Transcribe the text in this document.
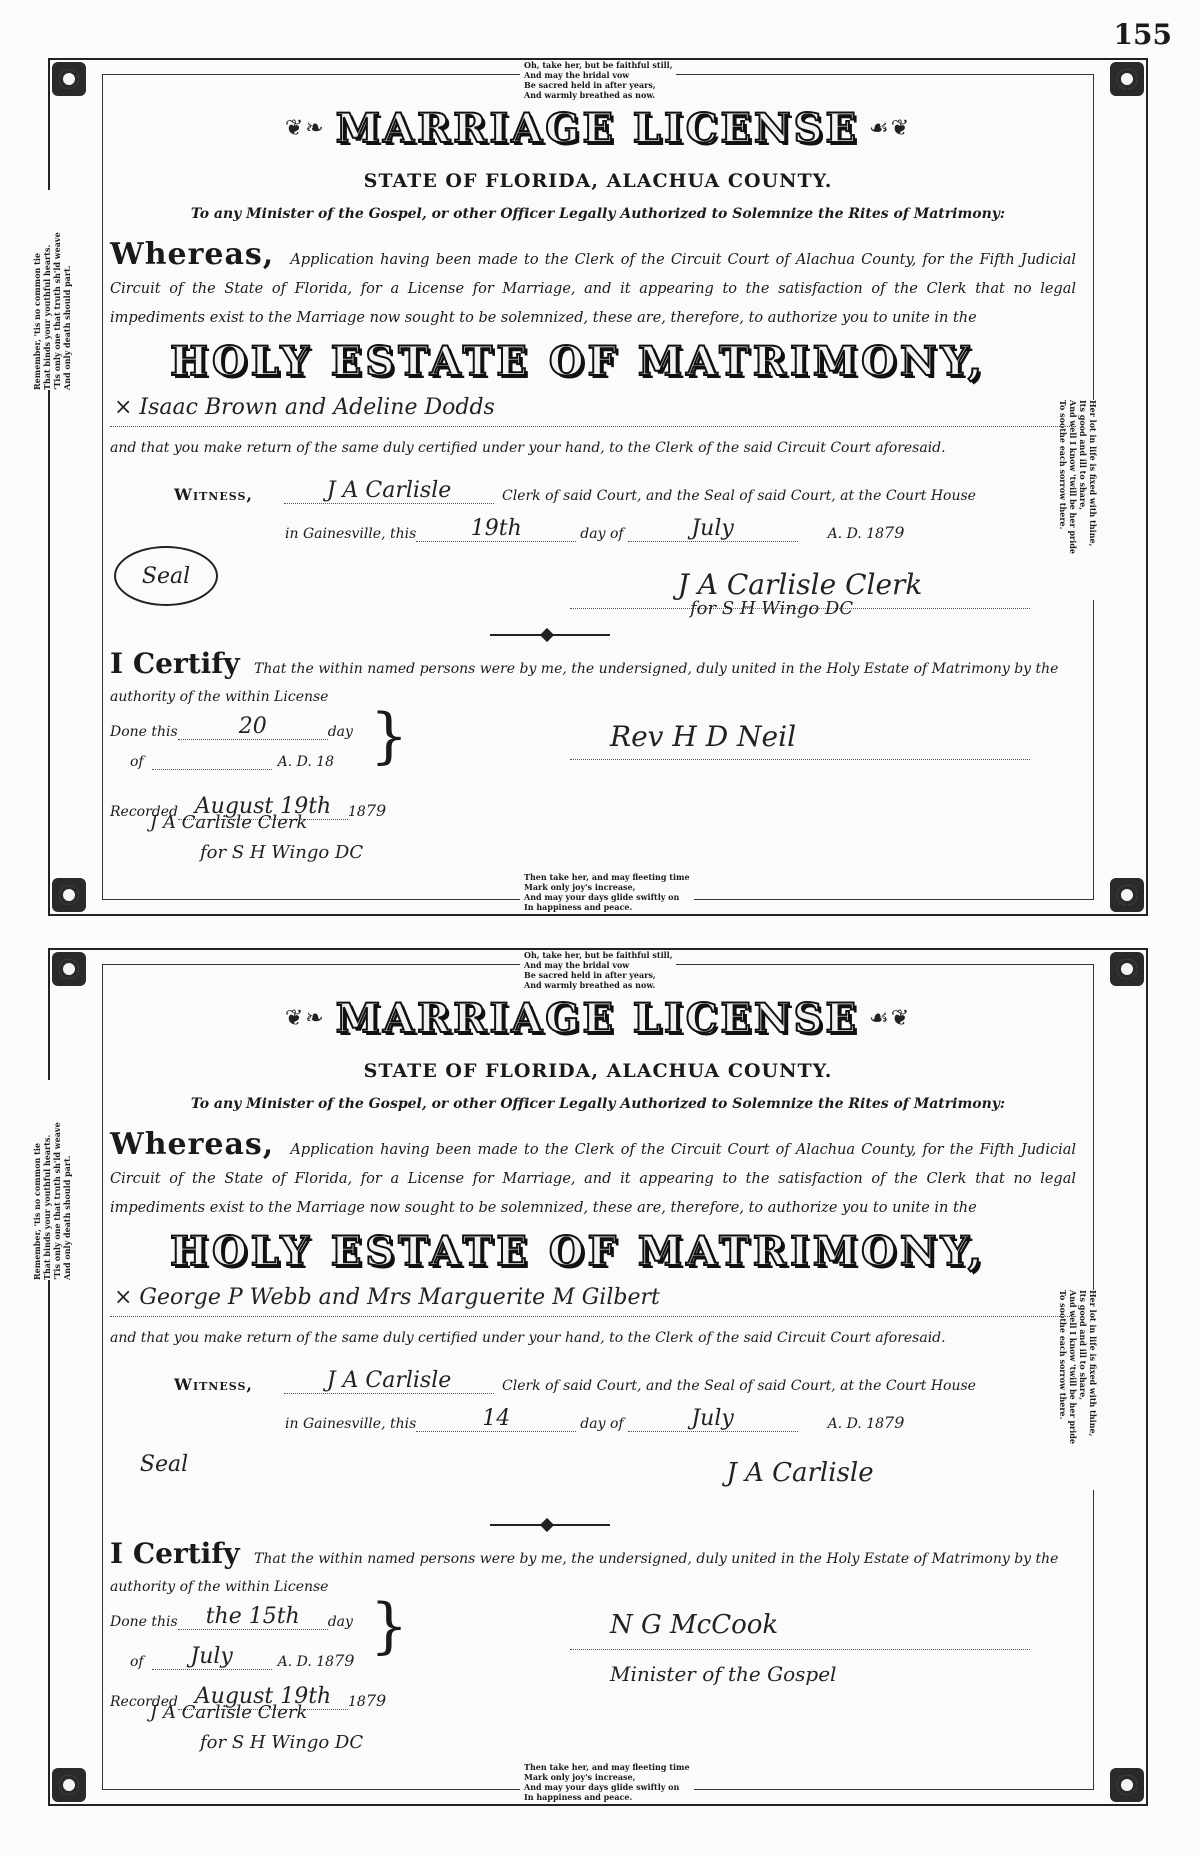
155
Oh, take her, but be faithful still,
And may the bridal vow
Be sacred held in after years,
And warmly breathed as now.
Then take her, and may fleeting time
Mark only joy's increase,
And may your days glide swiftly on
In happiness and peace.
Remember, 'tis no common tie That binds your youthful hearts. 'Tis only one that truth sh'ld weave And only death should part.
Her lot in life is fixed with thine,
Its good and ill to share,
And well I know 'twill be her pride
To soothe each sorrow there.
❦❧ MARRIAGE LICENSE ☙❦
STATE OF FLORIDA, ALACHUA COUNTY.
To any Minister of the Gospel, or other Officer Legally Authorized to Solemnize the Rites of Matrimony:
Whereas, Application having been made to the Clerk of the Circuit Court of Alachua County, for the Fifth Judicial Circuit of the State of Florida, for a License for Marriage, and it appearing to the satisfaction of the Clerk that no legal impediments exist to the Marriage now sought to be solemnized, these are, therefore, to authorize you to unite in the
HOLY ESTATE OF MATRIMONY,
× Isaac Brown and Adeline Dodds
and that you make return of the same duly certified under your hand, to the Clerk of the said Circuit Court aforesaid.
Witness,	J A Carlisle	Clerk of said Court, and the Seal of said Court, at the Court House
in Gainesville, this	19th	day of	July	A. D. 18 79
Seal	J A Carlisle Clerk
for S H Wingo DC
I Certify That the within named persons were by me, the undersigned, duly united in the Holy Estate of Matrimony by the authority of the within License
Done this	20	day
of	A. D. 18 }
Recorded August 19th	18 79
Rev H D Neil
J A Carlisle Clerk
for S H Wingo DC
Oh, take her, but be faithful still,
And may the bridal vow
Be sacred held in after years,
And warmly breathed as now.
Then take her, and may fleeting time
Mark only joy's increase,
And may your days glide swiftly on
In happiness and peace.
Remember, 'tis no common tie That binds your youthful hearts. 'Tis only one that truth sh'ld weave And only death should part.
Her lot in life is fixed with thine,
Its good and ill to share,
And well I know 'twill be her pride
To soothe each sorrow there.
❦❧ MARRIAGE LICENSE ☙❦
STATE OF FLORIDA, ALACHUA COUNTY.
To any Minister of the Gospel, or other Officer Legally Authorized to Solemnize the Rites of Matrimony:
Whereas, Application having been made to the Clerk of the Circuit Court of Alachua County, for the Fifth Judicial Circuit of the State of Florida, for a License for Marriage, and it appearing to the satisfaction of the Clerk that no legal impediments exist to the Marriage now sought to be solemnized, these are, therefore, to authorize you to unite in the
HOLY ESTATE OF MATRIMONY,
× George P Webb and Mrs Marguerite M Gilbert
and that you make return of the same duly certified under your hand, to the Clerk of the said Circuit Court aforesaid.
Witness,	J A Carlisle	Clerk of said Court, and the Seal of said Court, at the Court House
in Gainesville, this	14	day of	July	A. D. 18 79
Seal	J A Carlisle
I Certify That the within named persons were by me, the undersigned, duly united in the Holy Estate of Matrimony by the authority of the within License
Done this	the 15th	day
of	July	A. D. 18 79 }
Recorded August 19th	18 79
N G McCook
Minister of the Gospel
J A Carlisle Clerk
for S H Wingo DC
